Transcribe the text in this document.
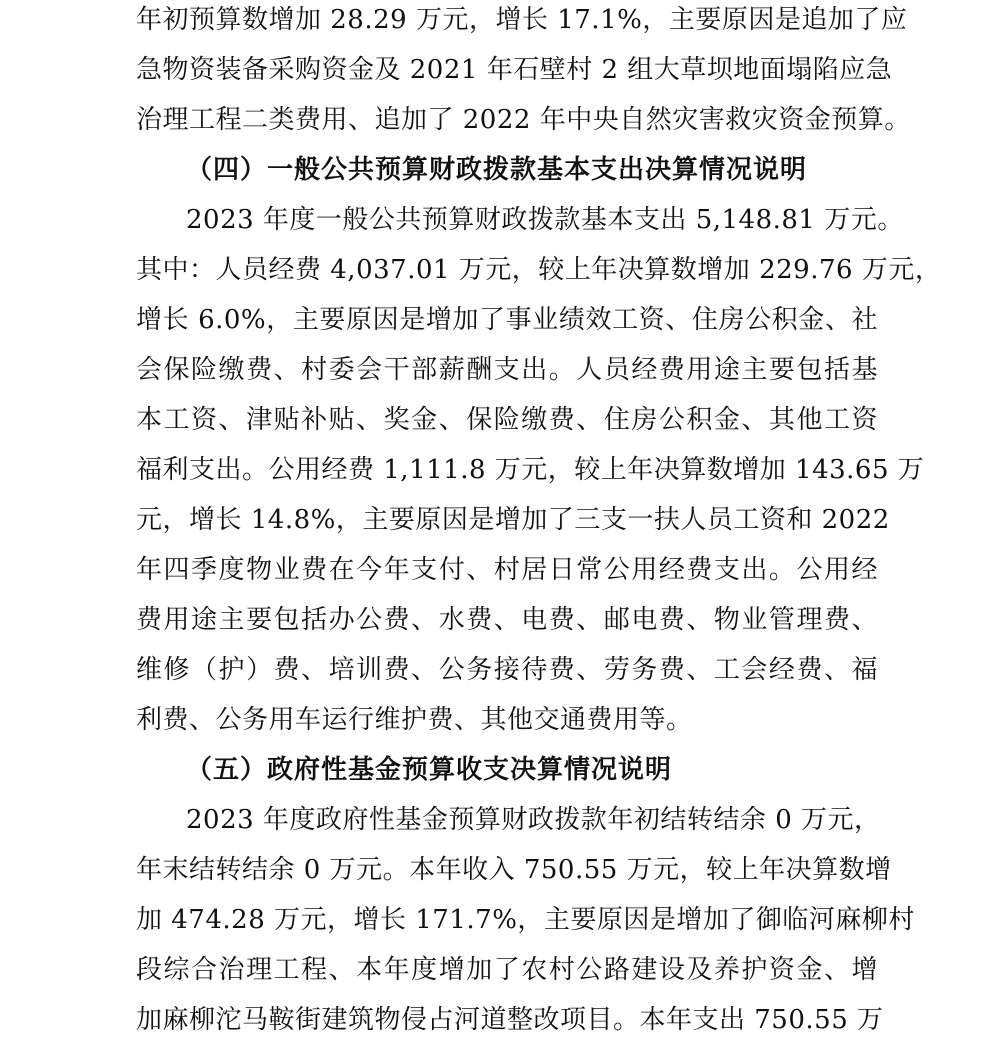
年初预算数增加 28.29 万元，增长 17.1%，主要原因是追加了应
急物资装备采购资金及 2021 年石壁村 2 组大草坝地面塌陷应急
治理工程二类费用、追加了 2022 年中央自然灾害救灾资金预算。
（四）一般公共预算财政拨款基本支出决算情况说明
2023 年度一般公共预算财政拨款基本支出 5,148.81 万元。
其中：人员经费 4,037.01 万元，较上年决算数增加 229.76 万元，
增长 6.0%，主要原因是增加了事业绩效工资、住房公积金、社
会保险缴费、村委会干部薪酬支出。人员经费用途主要包括基
本工资、津贴补贴、奖金、保险缴费、住房公积金、其他工资
福利支出。公用经费 1,111.8 万元，较上年决算数增加 143.65 万
元，增长 14.8%，主要原因是增加了三支一扶人员工资和 2022
年四季度物业费在今年支付、村居日常公用经费支出。公用经
费用途主要包括办公费、水费、电费、邮电费、物业管理费、
维修（护）费、培训费、公务接待费、劳务费、工会经费、福
利费、公务用车运行维护费、其他交通费用等。
（五）政府性基金预算收支决算情况说明
2023 年度政府性基金预算财政拨款年初结转结余 0 万元，
年末结转结余 0 万元。本年收入 750.55 万元，较上年决算数增
加 474.28 万元，增长 171.7%，主要原因是增加了御临河麻柳村
段综合治理工程、本年度增加了农村公路建设及养护资金、增
加麻柳沱马鞍街建筑物侵占河道整改项目。本年支出 750.55 万
